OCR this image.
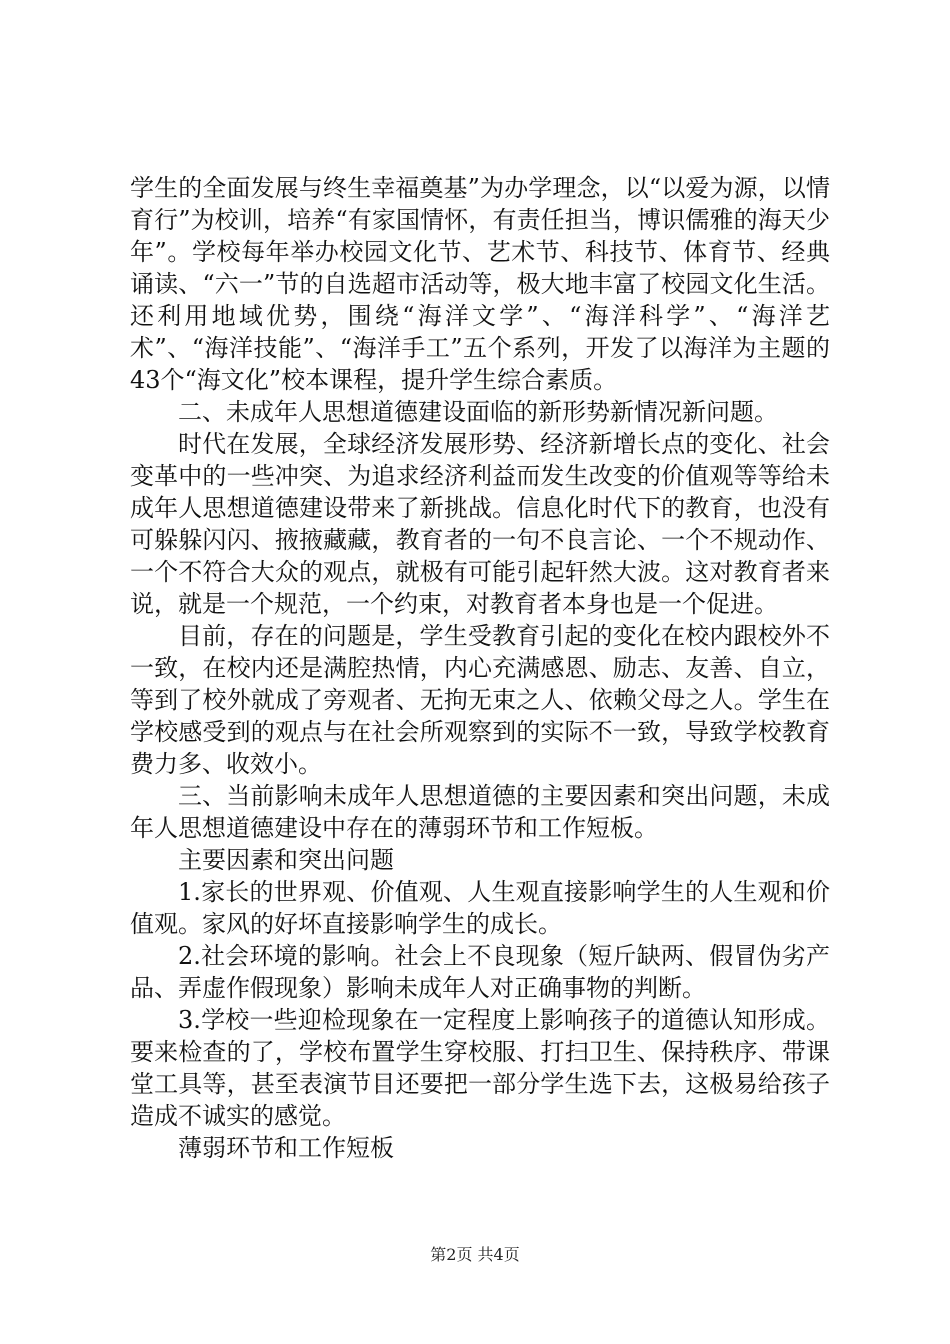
学生的全面发展与终生幸福奠基”为办学理念，以“以爱为源，以情育行”为校训，培养“有家国情怀，有责任担当，博识儒雅的海天少年”。学校每年举办校园文化节、艺术节、科技节、体育节、经典诵读、“六一”节的自选超市活动等，极大地丰富了校园文化生活。还利用地域优势，围绕“海洋文学”、“海洋科学”、“海洋艺术”、“海洋技能”、“海洋手工”五个系列，开发了以海洋为主题的43个“海文化”校本课程，提升学生综合素质。

二、未成年人思想道德建设面临的新形势新情况新问题。

时代在发展，全球经济发展形势、经济新增长点的变化、社会变革中的一些冲突、为追求经济利益而发生改变的价值观等等给未成年人思想道德建设带来了新挑战。信息化时代下的教育，也没有可躲躲闪闪、掖掖藏藏，教育者的一句不良言论、一个不规动作、一个不符合大众的观点，就极有可能引起轩然大波。这对教育者来说，就是一个规范，一个约束，对教育者本身也是一个促进。

目前，存在的问题是，学生受教育引起的变化在校内跟校外不一致，在校内还是满腔热情，内心充满感恩、励志、友善、自立，等到了校外就成了旁观者、无拘无束之人、依赖父母之人。学生在学校感受到的观点与在社会所观察到的实际不一致，导致学校教育费力多、收效小。

三、当前影响未成年人思想道德的主要因素和突出问题，未成年人思想道德建设中存在的薄弱环节和工作短板。

主要因素和突出问题

1.家长的世界观、价值观、人生观直接影响学生的人生观和价值观。家风的好坏直接影响学生的成长。

2.社会环境的影响。社会上不良现象（短斤缺两、假冒伪劣产品、弄虚作假现象）影响未成年人对正确事物的判断。

3.学校一些迎检现象在一定程度上影响孩子的道德认知形成。要来检查的了，学校布置学生穿校服、打扫卫生、保持秩序、带课堂工具等，甚至表演节目还要把一部分学生选下去，这极易给孩子造成不诚实的感觉。

薄弱环节和工作短板

第2页 共4页
